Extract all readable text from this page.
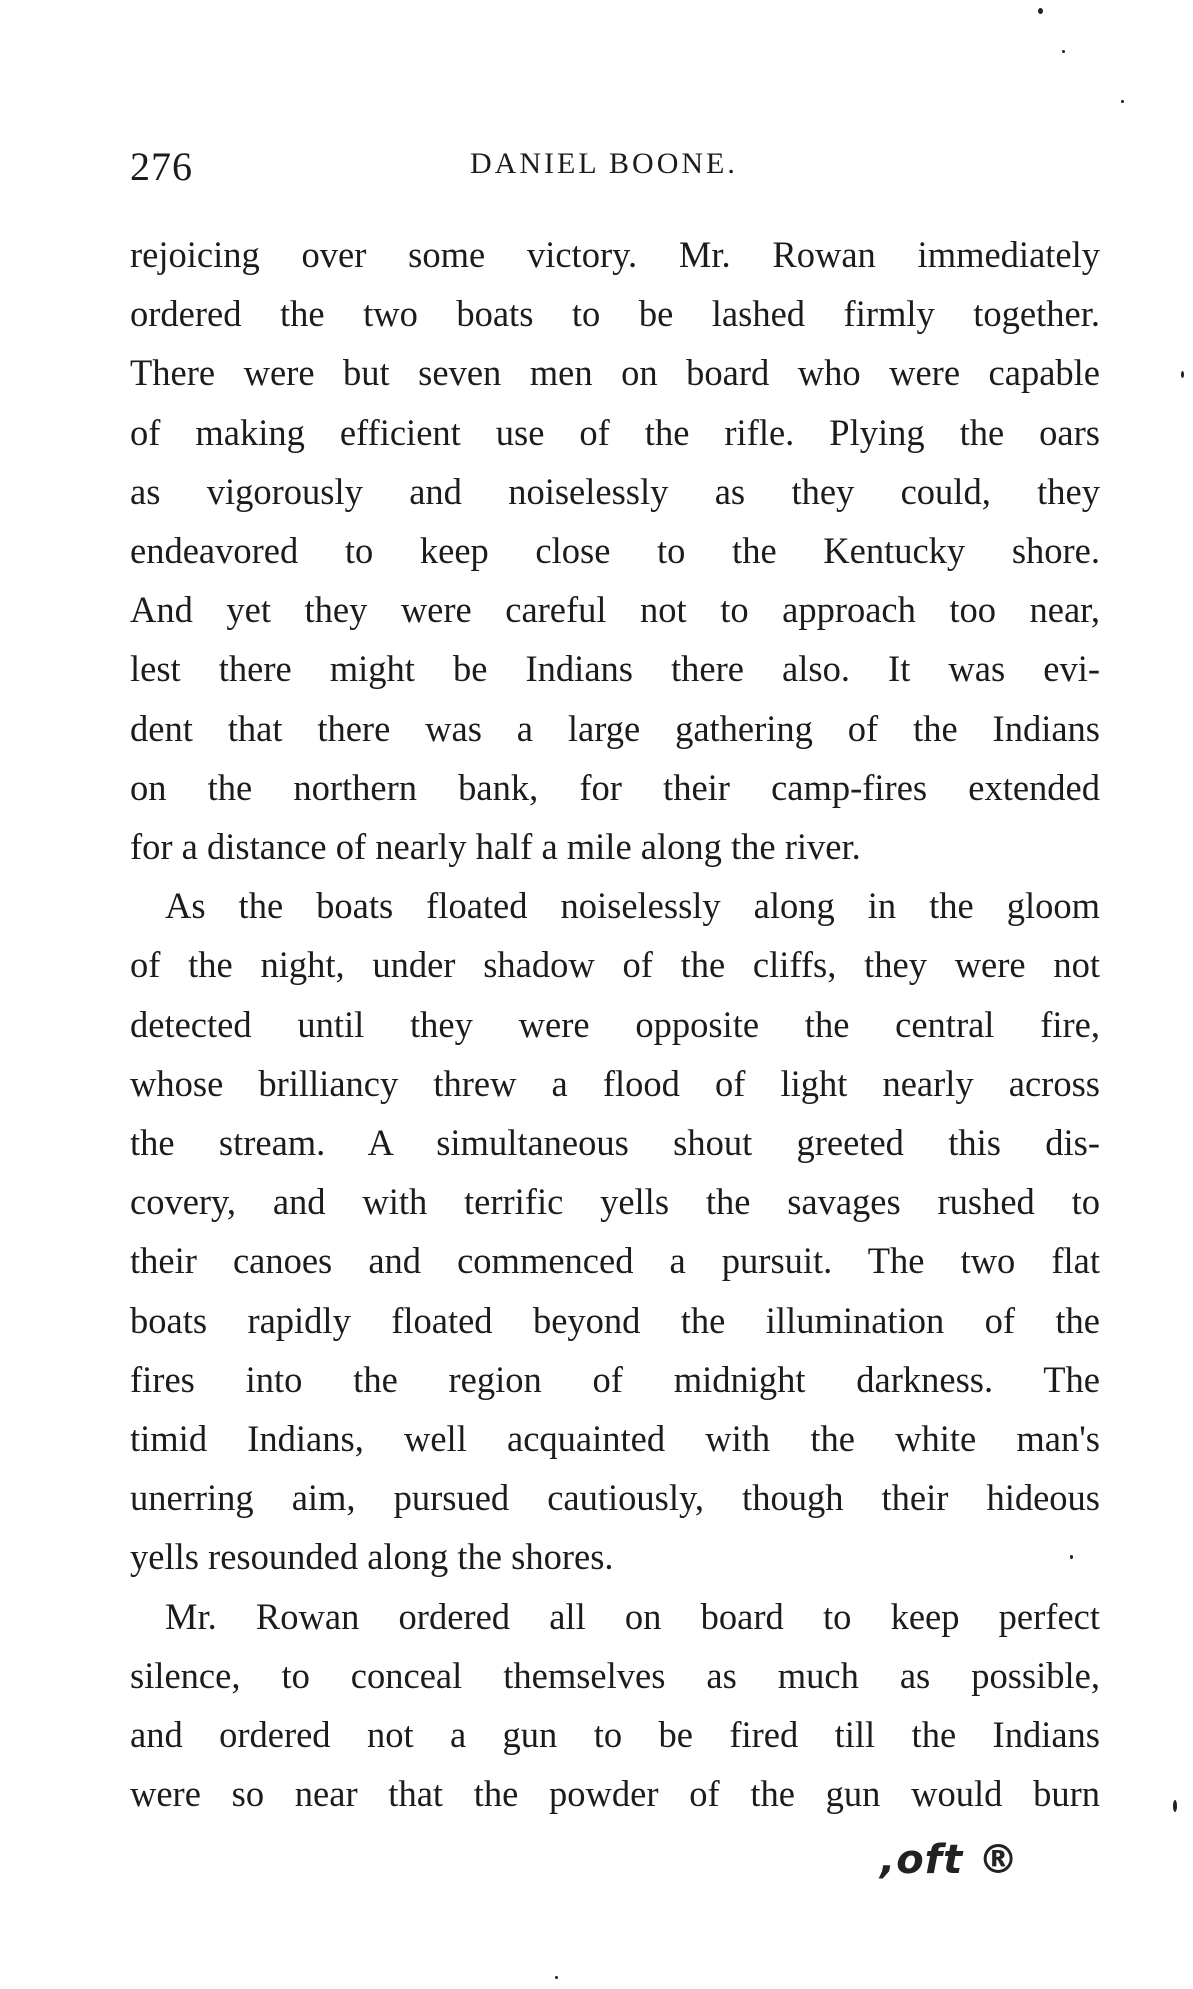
276	DANIEL BOONE.

rejoicing over some victory. Mr. Rowan immediately
ordered the two boats to be lashed firmly together.
There were but seven men on board who were capable
of making efficient use of the rifle. Plying the oars
as vigorously and noiselessly as they could, they
endeavored to keep close to the Kentucky shore.
And yet they were careful not to approach too near,
lest there might be Indians there also. It was evi-
dent that there was a large gathering of the Indians
on the northern bank, for their camp-fires extended
for a distance of nearly half a mile along the river.

As the boats floated noiselessly along in the gloom
of the night, under shadow of the cliffs, they were not
detected until they were opposite the central fire,
whose brilliancy threw a flood of light nearly across
the stream. A simultaneous shout greeted this dis-
covery, and with terrific yells the savages rushed to
their canoes and commenced a pursuit. The two flat
boats rapidly floated beyond the illumination of the
fires into the region of midnight darkness. The
timid Indians, well acquainted with the white man's
unerring aim, pursued cautiously, though their hideous
yells resounded along the shores.

Mr. Rowan ordered all on board to keep perfect
silence, to conceal themselves as much as possible,
and ordered not a gun to be fired till the Indians
were so near that the powder of the gun would burn

,oft ®
